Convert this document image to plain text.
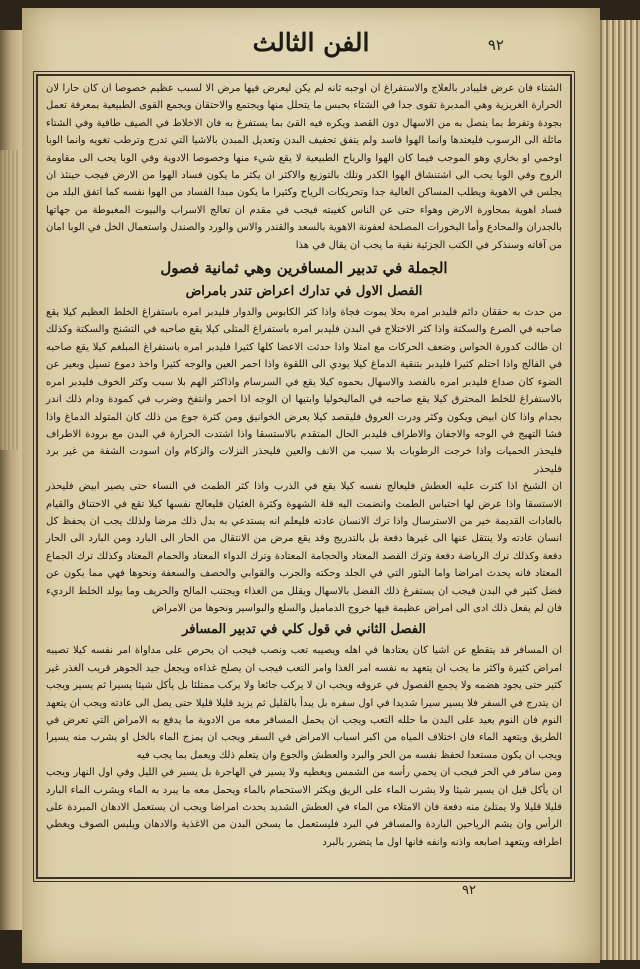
الفن الثالث	٩٢

الشتاء فان عرض فليبادر بالعلاج والاستفراغ ان اوجبه ثانه لم يكن ليعرض فيها مرض الا لسبب عظيم خصوصا ان كان حارا لان الحرارة الغريزية وهي المدبرة تقوى جدا في الشتاء بحبس ما يتحلل منها ويجتمع والاحتقان ويجمع القوى الطبيعية بمعرفة تعمل بجودة وتفرط بما يتصل به من الاسهال دون القصد ويكره فيه القئ بما يستفرغ به فان الاخلاط في الصيف طافية وفي الشتاء مائلة الى الرسوب فليعتدها وانما الهوا فاسد ولم يتفق تجفيف البدن وتعديل المبدن بالاشيا التي تدرج وترطب تغويه وانما الوبا اوخمي او بخاري وهو الموجب فيما كان الهوا والرياح الطبيعية لا يقع شيء منها وخصوصا الادوية وفي الوبا يحب الى مقاومة الروح وفي الوبا يحب الى اشتنشاق الهوا الكدر وتلك بالتوزيع والاكثر ان يكثر ما يكون فساد الهوا من الارض فيجب حينئذ ان يجلس في الاهوية ويطلب المساكن العالية جدا وتحريكات الرياح وكثيرا ما يكون مبدا الفساد من الهوا نفسه كما اتفق البلد من فساد اهوية بمجاورة الارض وهواء حتى عن الناس كغيبته فيجب في مقدم ان تعالج الاسراب والبيوت المغبوطة من جهاتها بالجدران والمحادع وأما البخورات المصلحة لعفونة الاهوية بالسعد والقندر والاس والورد والصندل واستعمال الخل في الوبا امان من آفاته وسنذكر في الكتب الجزئية نقية ما يجب ان يقال في هذا

الجملة في تدبير المسافرين وهي ثمانية فصول
الفصل الاول في تدارك اعراض تندر بامراض

من حدث به حققان دائم فليدبر امره بحلا يموت فجاة واذا كثر الكابوس والدوار فليدبر امره باستفراغ الخلط العظيم كيلا يقع صاحبه في الصرع والسكتة واذا كثر الاختلاج في البدن فليدبر امره باستفراغ المتلى كيلا يقع صاحبه في التشنج والسكتة وكذلك ان طالت كدورة الحواس وضعف الحركات مع امتلا واذا حدثت الاعضا كلها كثيرا فليدبر امره باستفراغ المبلغم كيلا يقع صاحبه في الفالج واذا احتلم كثيرا فليدبر بتنقية الدماغ كيلا يودي الى اللقوة واذا احمر العين والوجه كثيرا واخذ دموع تسيل وبعير عن الضوء كان صداع فليدبر امره بالفصد والاسهال بحموه كيلا يقع في السرسام واذاكثر الهم بلا سبب وكثر الخوف فليدبر امره بالاستفراغ للخلط المحترق كيلا يقع صاحبه في الماليخوليا وابتيها ان الوجه اذا احمر وانتفخ وضرب في كمودة ودام ذلك اندر بجدام واذا كان ابيض ويكون وكثر ودرت العروق فليقصد كيلا يعرض الخوانيق ومن كثرة جوع من ذلك كان المتولد الدماغ واذا فشا التهيج في الوجه والاجفان والاطراف فليدبر الحال المتقدم بالاستسقا واذا اشتدت الحرارة في البدن مع برودة الاطراف فليحذر الحميات واذا خرجت الرطوبات بلا سبب من الانف والعين فليحذر النزلات والزكام وان اسودت الشفة من غير برد فليحذر

ان الشيخ اذا كثرت عليه العطش فليعالج نفسه كيلا يقع في الذرب واذا كثر الطمث في النساء حتى يصير ابيض فليحذر الاستسقا واذا عرض لها احتباس الطمث وانضمت اليه قلة الشهوة وكثرة الغثيان فليعالج نفسها كيلا تقع في الاختناق والقيام بالعادات القديمة خير من الاسترسال واذا ترك الانسان عادته فليعلم انه يستدعي به بدل ذلك مرضا ولذلك يجب ان يحفظ كل انسان عادته ولا ينتقل عنها الى غيرها دفعة بل بالتدريج وقد يقع مرض من الانتقال من الحار الى البارد ومن البارد الى الحار دفعة وكذلك ترك الرياضة دفعة وترك الفصد المعتاد والحجامة المعتادة وترك الدواء المعتاد والحمام المعتاد وكذلك ترك الجماع المعتاد فانه يحدث امراضا واما البثور التي في الجلد وحكته والجرب والقوابي والحصف والسعفة ونحوها فهي مما يكون عن فضل كثير في البدن فيجب ان يستفرغ ذلك الفضل بالاسهال ويقلل من الغذاء ويجتنب المالح والحريف وما يولد الخلط الرديء فان لم يفعل ذلك ادى الى امراض عظيمة فيها خروج الدماميل والسلع والبواسير ونحوها من الامراض

الفصل الثاني في قول كلي في تدبير المسافر

ان المسافر قد يتقطع عن اشيا كان يعتادها في اهله ويصيبه تعب ونصب فيجب ان يحرص على مداواة امر نفسه كيلا تصيبه امراض كثيرة واكثر ما يجب ان يتعهد به نفسه امر الغذا وامر التعب فيجب ان يصلح غذاءه ويجعل جيد الجوهر قريب الغذر غير كثير حتى يجود هضمه ولا يجمع الفصول في عروقه ويجب ان لا يركب جائعا ولا يركب ممتلئا بل يأكل شيئا يسيرا ثم يسير ويجب ان يتدرج في السفر فلا يسير سيرا شديدا في اول سفره بل يبدأ بالقليل ثم يزيد قليلا قليلا حتى يصل الى عادته ويجب ان يتعهد النوم فان النوم يعيد على البدن ما حلله التعب ويجب ان يحمل المسافر معه من الادوية ما يدفع به الامراض التي تعرض في الطريق ويتعهد الماء فان اختلاف المياه من اكبر اسباب الامراض في السفر ويجب ان يمزج الماء بالخل او يشرب منه يسيرا ويجب ان يكون مستعدا لحفظ نفسه من الحر والبرد والعطش والجوع وان يتعلم ذلك ويعمل بما يجب فيه

ومن سافر في الحر فيجب ان يحمي رأسه من الشمس ويغطيه ولا يسير في الهاجرة بل يسير في الليل وفي اول النهار ويجب ان يأكل قبل ان يسير شيئا ولا يشرب الماء على الريق ويكثر الاستحمام بالماء ويحمل معه ما يبرد به الماء ويشرب الماء البارد قليلا قليلا ولا يمتلئ منه دفعة فان الامتلاء من الماء في العطش الشديد يحدث امراضا ويجب ان يستعمل الادهان المبردة على الرأس وان يشم الرياحين الباردة والمسافر في البرد فليستعمل ما يسخن البدن من الاغذية والادهان ويلبس الصوف ويغطي اطرافه ويتعهد اصابعه واذنه وانفه فانها اول ما يتضرر بالبرد

٩٢
